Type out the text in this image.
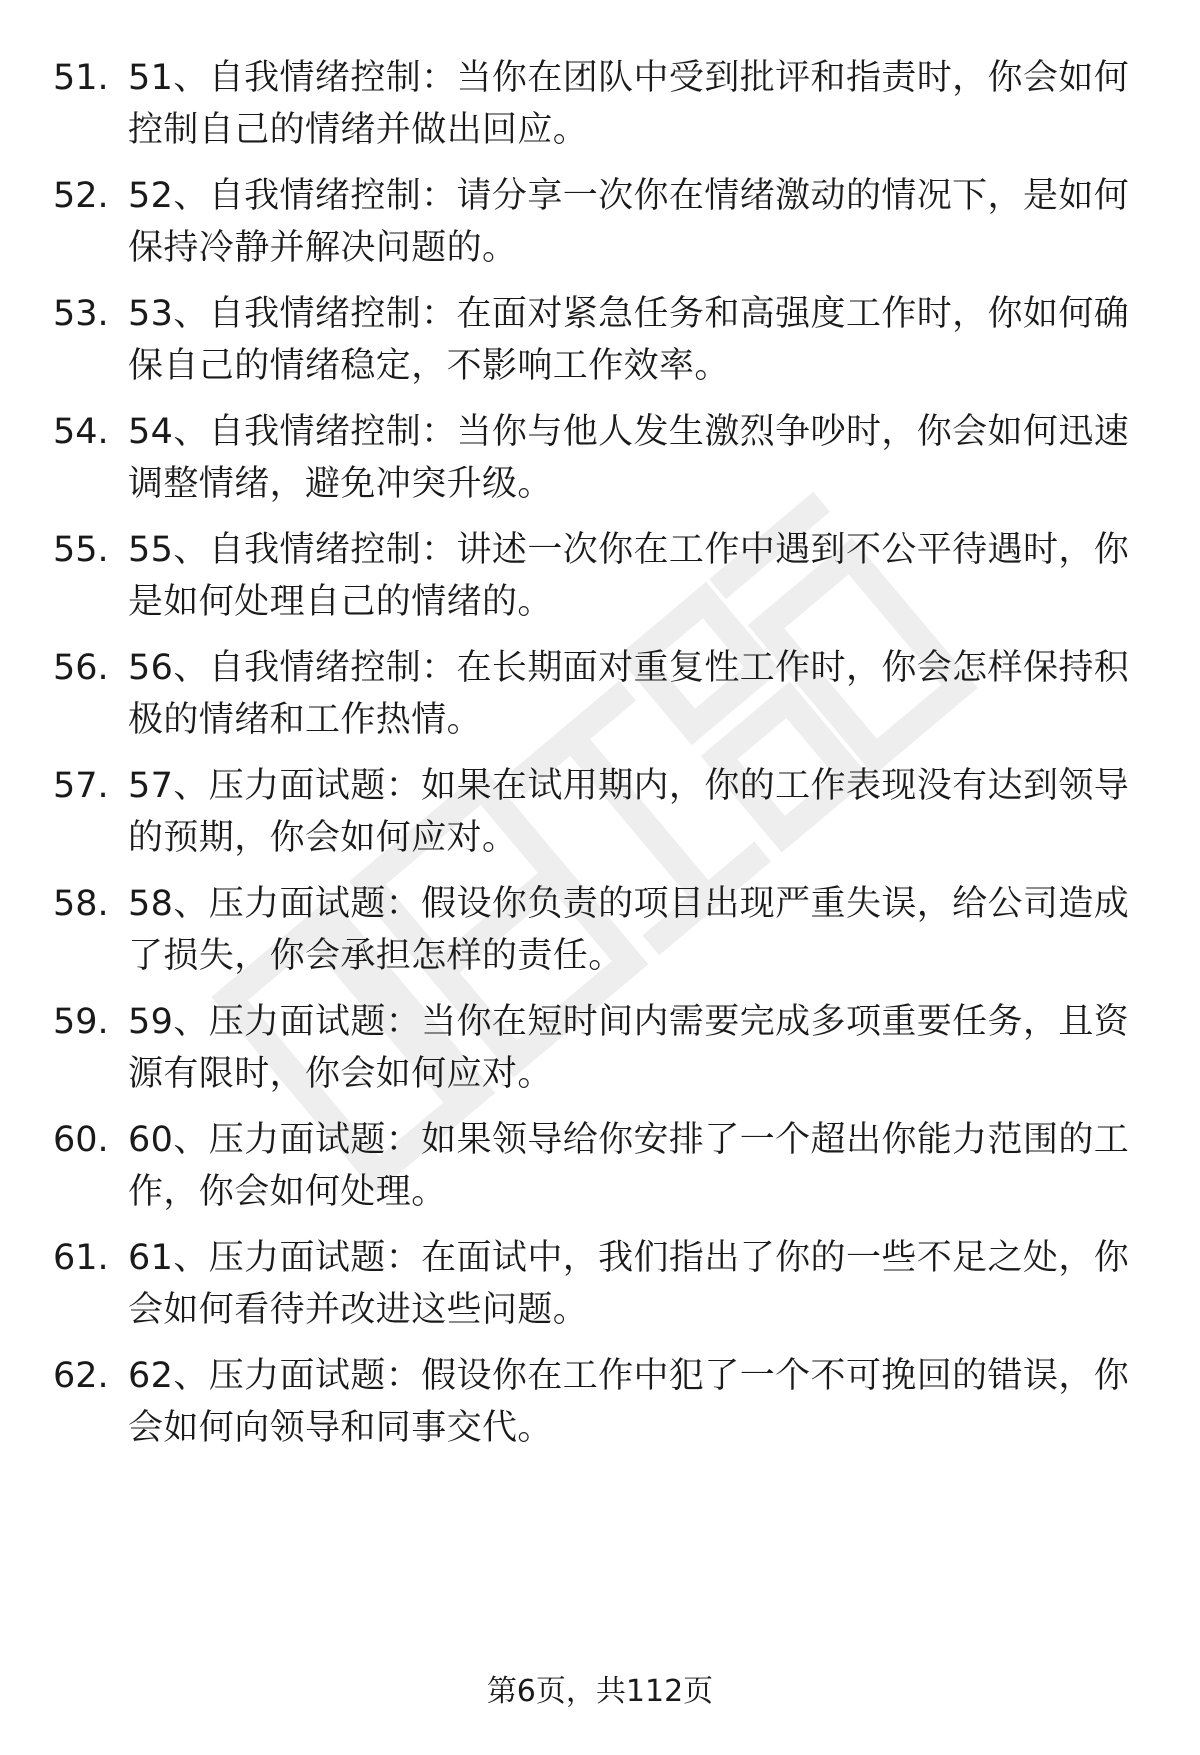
51. 51、自我情绪控制：当你在团队中受到批评和指责时，你会如何控制自己的情绪并做出回应。
52. 52、自我情绪控制：请分享一次你在情绪激动的情况下，是如何保持冷静并解决问题的。
53. 53、自我情绪控制：在面对紧急任务和高强度工作时，你如何确保自己的情绪稳定，不影响工作效率。
54. 54、自我情绪控制：当你与他人发生激烈争吵时，你会如何迅速调整情绪，避免冲突升级。
55. 55、自我情绪控制：讲述一次你在工作中遇到不公平待遇时，你是如何处理自己的情绪的。
56. 56、自我情绪控制：在长期面对重复性工作时，你会怎样保持积极的情绪和工作热情。
57. 57、压力面试题：如果在试用期内，你的工作表现没有达到领导的预期，你会如何应对。
58. 58、压力面试题：假设你负责的项目出现严重失误，给公司造成了损失，你会承担怎样的责任。
59. 59、压力面试题：当你在短时间内需要完成多项重要任务，且资源有限时，你会如何应对。
60. 60、压力面试题：如果领导给你安排了一个超出你能力范围的工作，你会如何处理。
61. 61、压力面试题：在面试中，我们指出了你的一些不足之处，你会如何看待并改进这些问题。
62. 62、压力面试题：假设你在工作中犯了一个不可挽回的错误，你会如何向领导和同事交代。
第6页，共112页
